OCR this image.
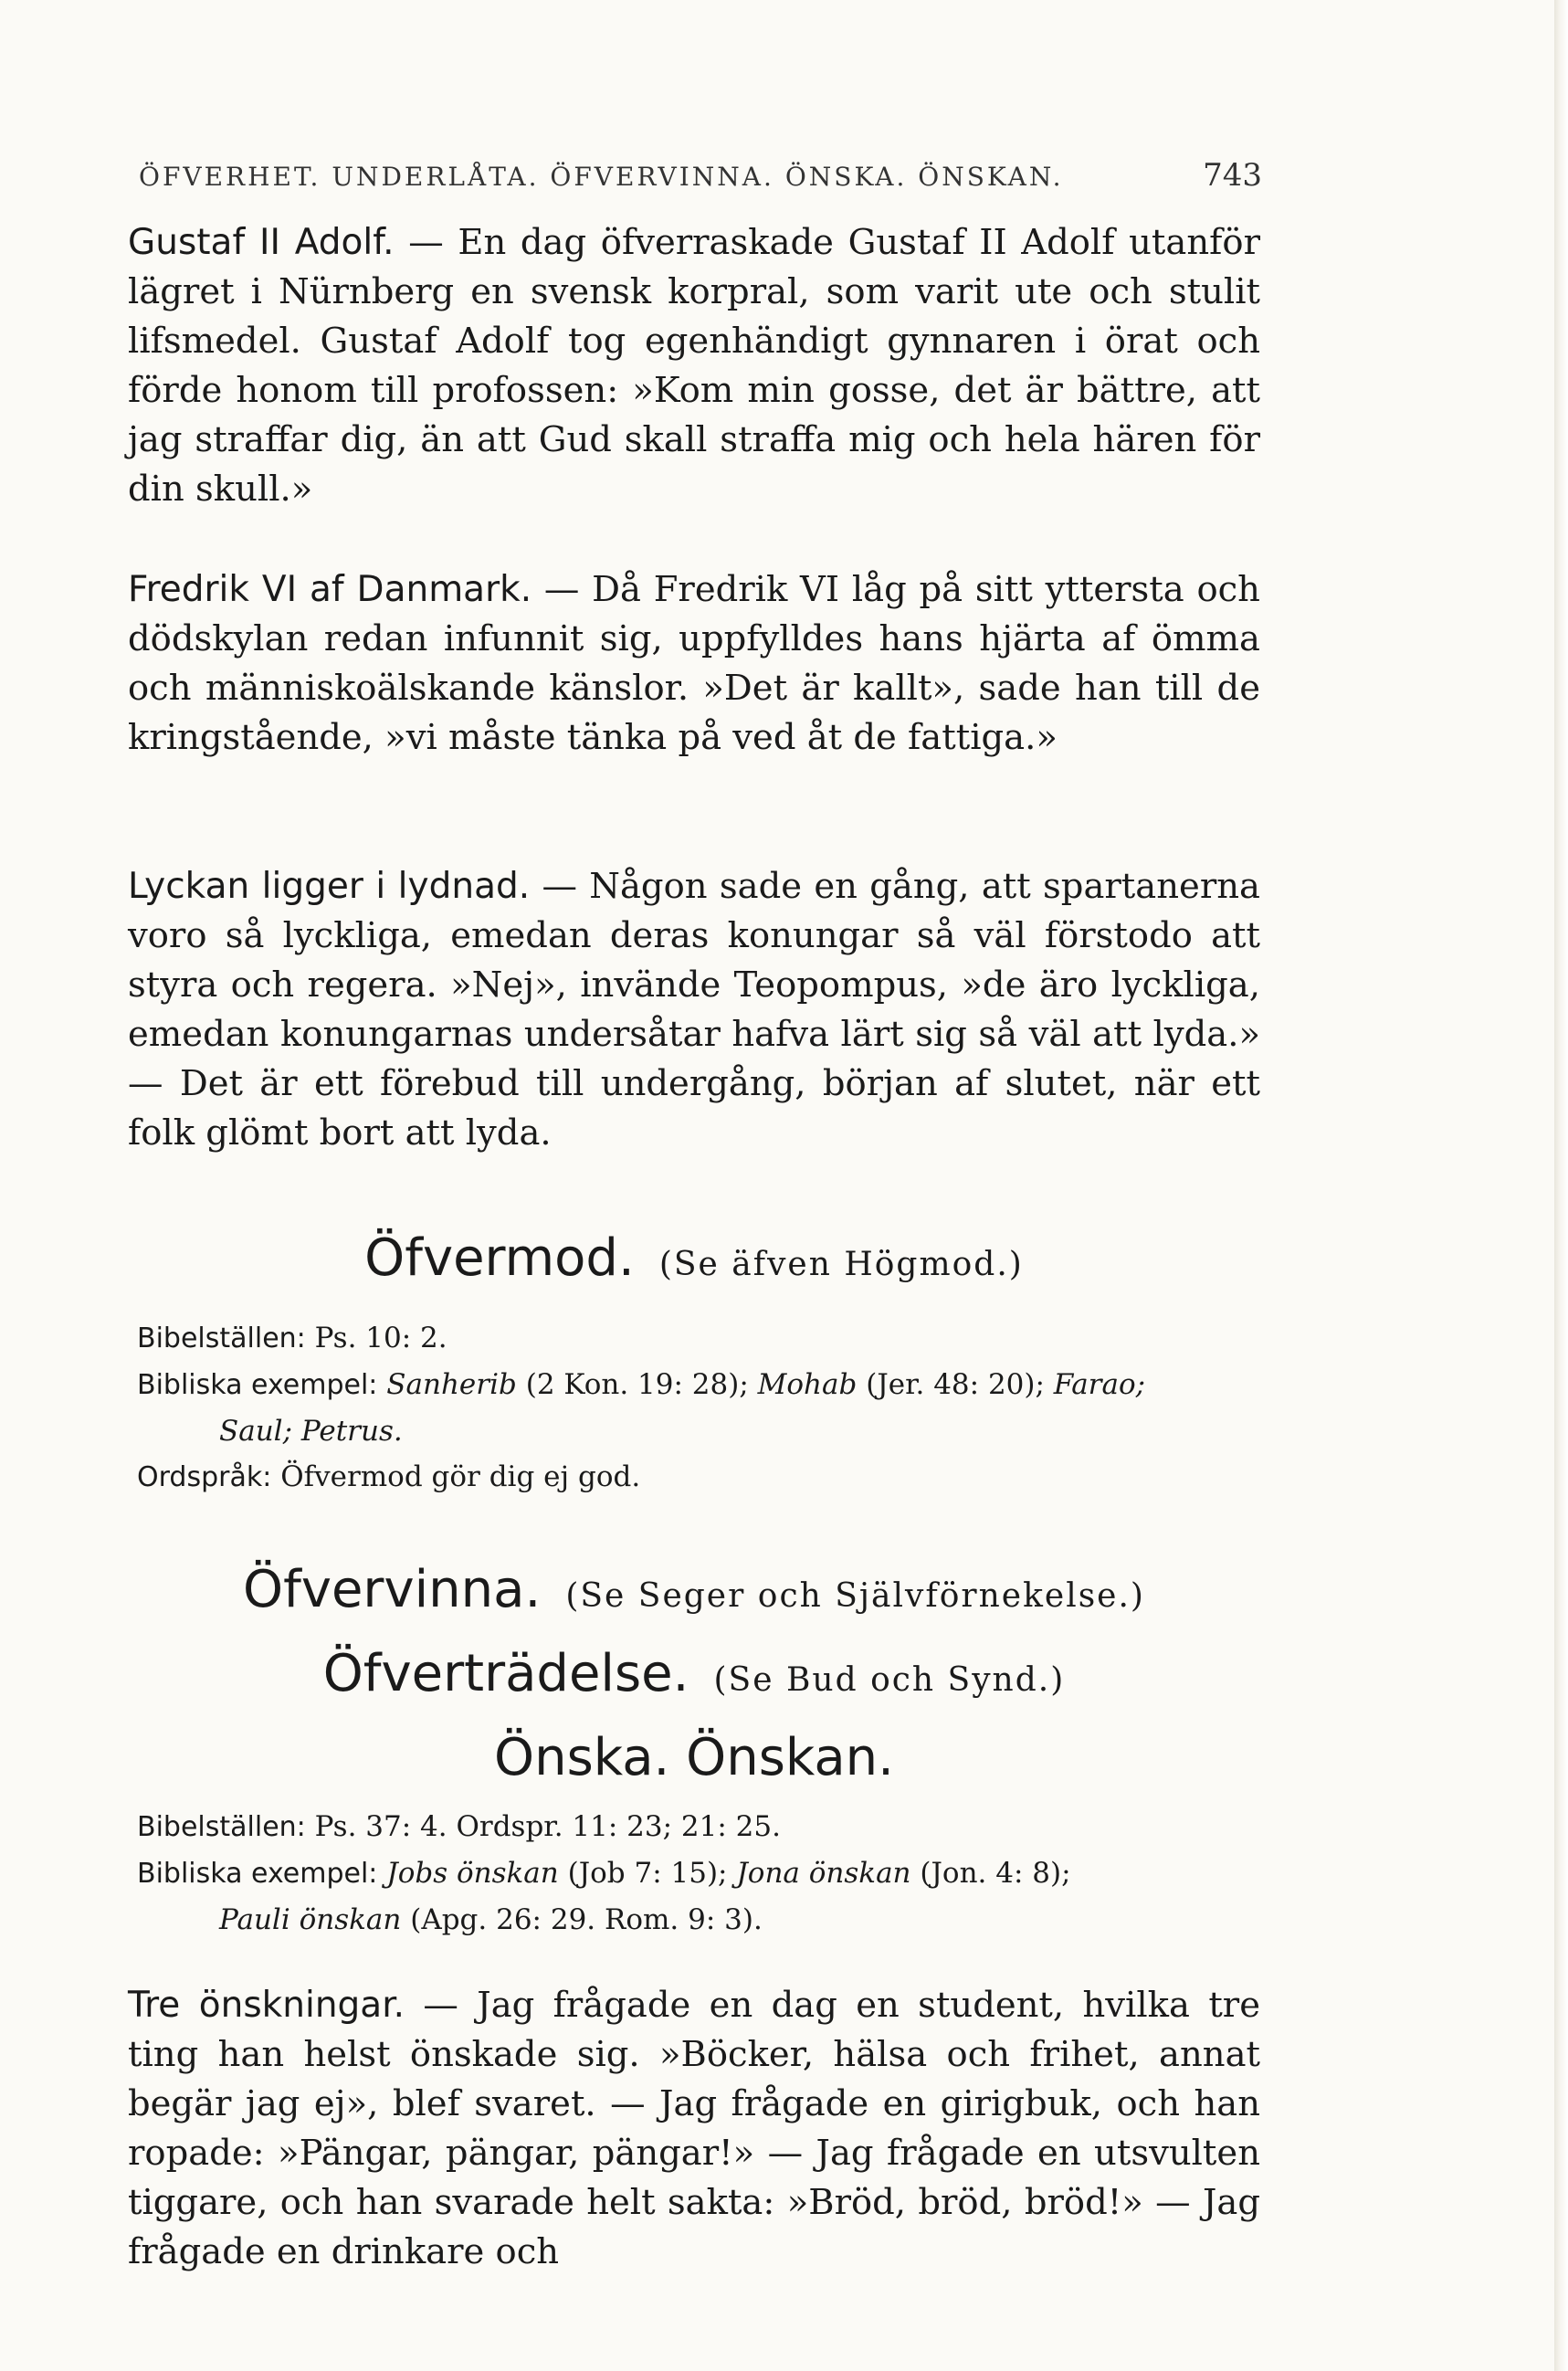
ÖFVERHET. UNDERLÅTA. ÖFVERVINNA. ÖNSKA. ÖNSKAN.	743

Gustaf II Adolf. — En dag öfverraskade Gustaf II Adolf utanför lägret i Nürnberg en svensk korpral, som varit ute och stulit lifsmedel. Gustaf Adolf tog egenhändigt gynnaren i örat och förde honom till profossen: »Kom min gosse, det är bättre, att jag straffar dig, än att Gud skall straffa mig och hela hären för din skull.»

Fredrik VI af Danmark. — Då Fredrik VI låg på sitt yttersta och dödskylan redan infunnit sig, uppfylldes hans hjärta af ömma och människoälskande känslor. »Det är kallt», sade han till de kringstående, »vi måste tänka på ved åt de fattiga.»

Lyckan ligger i lydnad. — Någon sade en gång, att spartanerna voro så lyckliga, emedan deras konungar så väl förstodo att styra och regera. »Nej», invände Teopompus, »de äro lyckliga, emedan konungarnas undersåtar hafva lärt sig så väl att lyda.» — Det är ett förebud till undergång, början af slutet, när ett folk glömt bort att lyda.

Öfvermod. (Se äfven Högmod.)
Bibelställen: Ps. 10: 2.
Bibliska exempel: Sanherib (2 Kon. 19: 28); Mohab (Jer. 48: 20); Farao;
Saul; Petrus.
Ordspråk: Öfvermod gör dig ej god.
Öfvervinna. (Se Seger och Självförnekelse.)
Öfverträdelse. (Se Bud och Synd.)
Önska. Önskan.
Bibelställen: Ps. 37: 4. Ordspr. 11: 23; 21: 25.
Bibliska exempel: Jobs önskan (Job 7: 15); Jona önskan (Jon. 4: 8);
Pauli önskan (Apg. 26: 29. Rom. 9: 3).

Tre önskningar. — Jag frågade en dag en student, hvilka tre ting han helst önskade sig. »Böcker, hälsa och frihet, annat begär jag ej», blef svaret. — Jag frågade en girigbuk, och han ropade: »Pängar, pängar, pängar!» — Jag frågade en utsvulten tiggare, och han svarade helt sakta: »Bröd, bröd, bröd!» — Jag frågade en drinkare och
